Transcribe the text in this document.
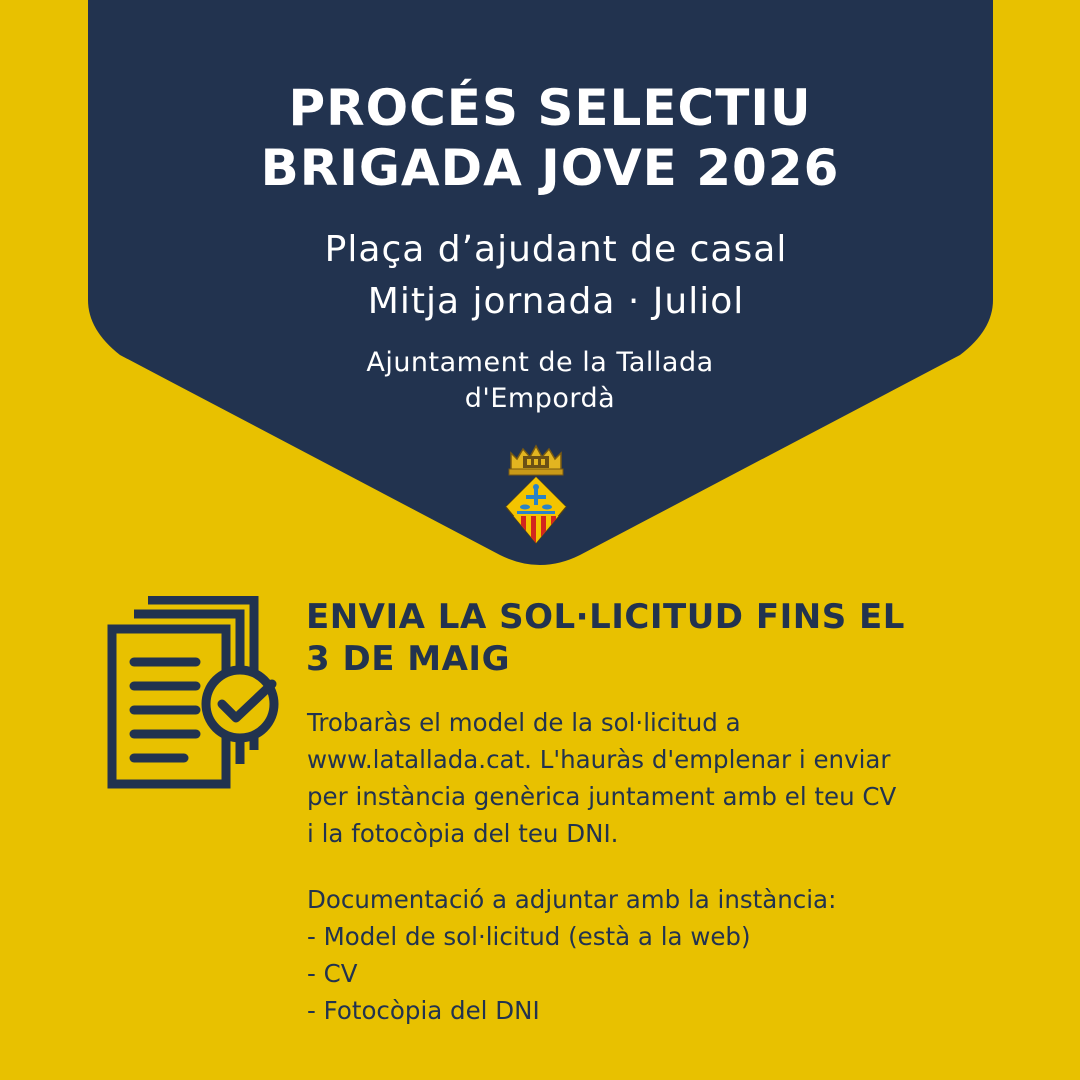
PROCÉS SELECTIU
BRIGADA JOVE 2026
Plaça d’ajudant de casal
Mitja jornada · Juliol
Ajuntament de la Tallada
d'Empordà
ENVIA LA SOL·LICITUD FINS EL
3 DE MAIG
Trobaràs el model de la sol·licitud a
www.latallada.cat. L'hauràs d'emplenar i enviar
per instància genèrica juntament amb el teu CV
i la fotocòpia del teu DNI.
Documentació a adjuntar amb la instància:
- Model de sol·licitud (està a la web)
- CV
- Fotocòpia del DNI
